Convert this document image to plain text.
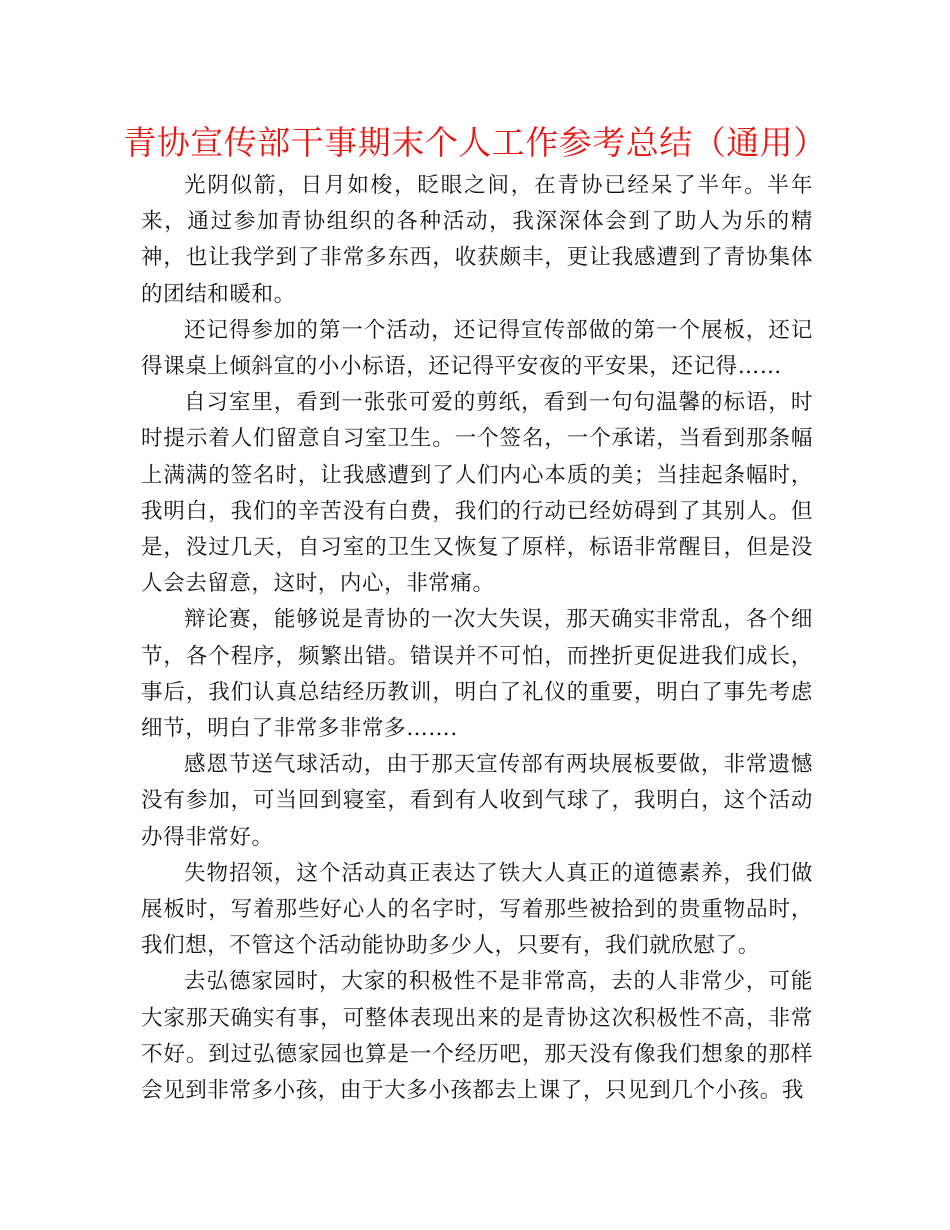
青协宣传部干事期末个人工作参考总结（通用）

光阴似箭，日月如梭，眨眼之间，在青协已经呆了半年。半年来，通过参加青协组织的各种活动，我深深体会到了助人为乐的精神，也让我学到了非常多东西，收获颇丰，更让我感遭到了青协集体的团结和暖和。

还记得参加的第一个活动，还记得宣传部做的第一个展板，还记得课桌上倾斜宣的小小标语，还记得平安夜的平安果，还记得……

自习室里，看到一张张可爱的剪纸，看到一句句温馨的标语，时时提示着人们留意自习室卫生。一个签名，一个承诺，当看到那条幅上满满的签名时，让我感遭到了人们内心本质的美；当挂起条幅时，我明白，我们的辛苦没有白费，我们的行动已经妨碍到了其别人。但是，没过几天，自习室的卫生又恢复了原样，标语非常醒目，但是没人会去留意，这时，内心，非常痛。

辩论赛，能够说是青协的一次大失误，那天确实非常乱，各个细节，各个程序，频繁出错。错误并不可怕，而挫折更促进我们成长，事后，我们认真总结经历教训，明白了礼仪的重要，明白了事先考虑细节，明白了非常多非常多…….

感恩节送气球活动，由于那天宣传部有两块展板要做，非常遗憾没有参加，可当回到寝室，看到有人收到气球了，我明白，这个活动办得非常好。

失物招领，这个活动真正表达了铁大人真正的道德素养，我们做展板时，写着那些好心人的名字时，写着那些被拾到的贵重物品时，我们想，不管这个活动能协助多少人，只要有，我们就欣慰了。

去弘德家园时，大家的积极性不是非常高，去的人非常少，可能大家那天确实有事，可整体表现出来的是青协这次积极性不高，非常不好。到过弘德家园也算是一个经历吧，那天没有像我们想象的那样会见到非常多小孩，由于大多小孩都去上课了，只见到几个小孩。我
